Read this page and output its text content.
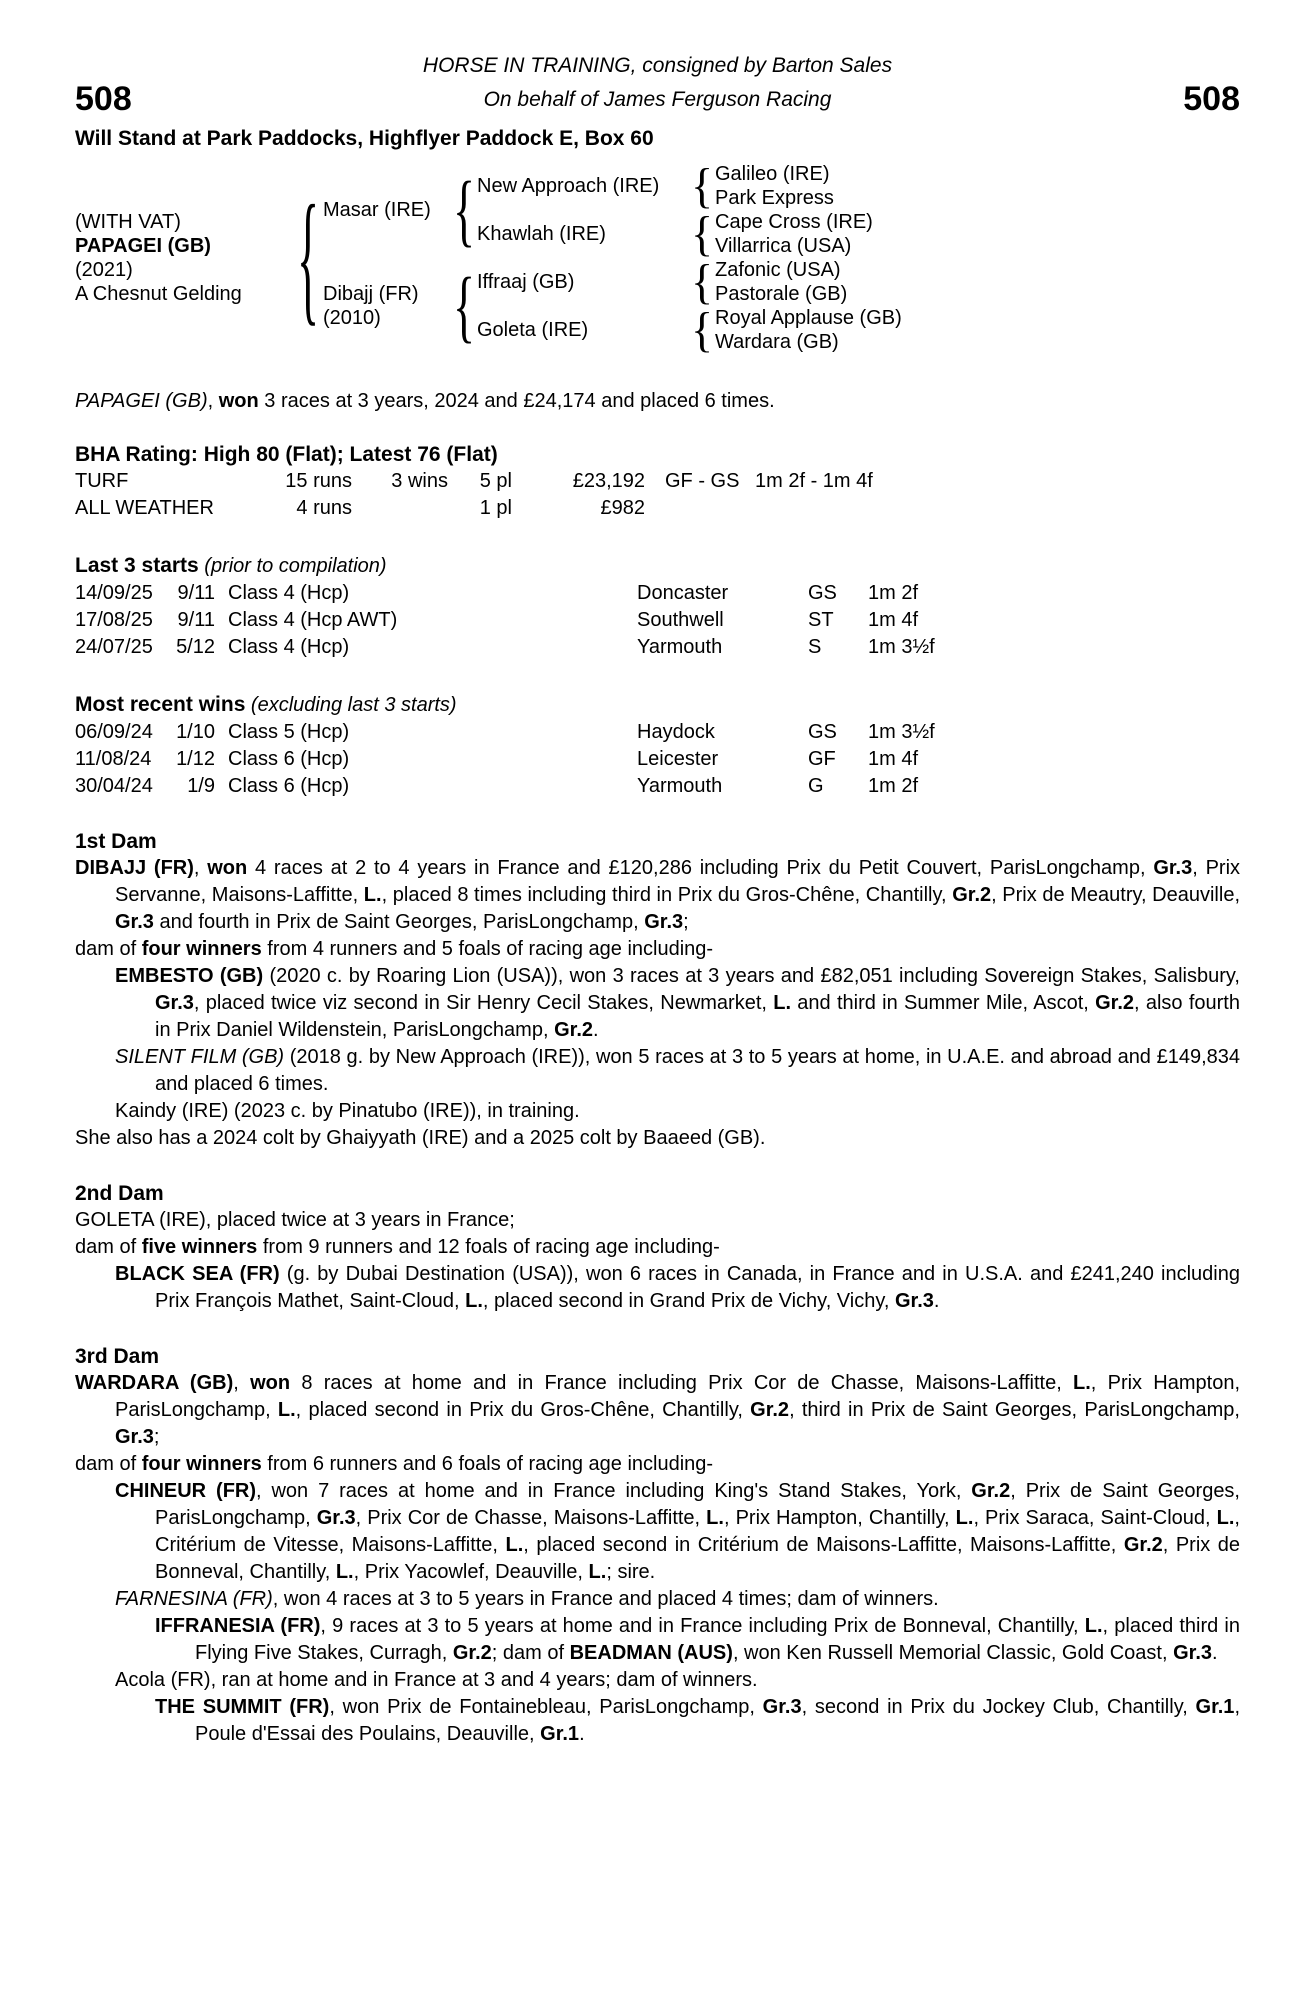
HORSE IN TRAINING, consigned by Barton Sales
508	On behalf of James Ferguson Racing	508
Will Stand at Park Paddocks, Highflyer Paddock E, Box 60
(WITH VAT)
PAPAGEI (GB)
(2021)
A Chesnut Gelding
{
Masar (IRE)
{
New Approach (IRE)
{
Galileo (IRE)
Park Express
Khawlah (IRE)
{
Cape Cross (IRE)
Villarrica (USA)
Dibajj (FR)
(2010)
{
Iffraaj (GB)
{
Zafonic (USA)
Pastorale (GB)
Goleta (IRE)
{
Royal Applause (GB)
Wardara (GB)

PAPAGEI (GB), won 3 races at 3 years, 2024 and £24,174 and placed 6 times.

BHA Rating: High 80 (Flat); Latest 76 (Flat)
TURF	15 runs	3 wins	5 pl	£23,192	GF - GS 1m 2f - 1m 4f
ALL WEATHER	4 runs	1 pl	£982
Last 3 starts (prior to compilation)
14/09/25	9/11 Class 4 (Hcp)	Doncaster	GS	1m 2f
17/08/25	9/11 Class 4 (Hcp AWT)	Southwell	ST	1m 4f
24/07/25	5/12 Class 4 (Hcp)	Yarmouth	S	1m 3½f
Most recent wins (excluding last 3 starts)
06/09/24	1/10 Class 5 (Hcp)	Haydock	GS	1m 3½f
11/08/24	1/12 Class 6 (Hcp)	Leicester	GF	1m 4f
30/04/24	1/9 Class 6 (Hcp)	Yarmouth	G	1m 2f
1st Dam

DIBAJJ (FR), won 4 races at 2 to 4 years in France and £120,286 including Prix du Petit Couvert, ParisLongchamp, Gr.3, Prix Servanne, Maisons-Laffitte, L., placed 8 times including third in Prix du Gros-Chêne, Chantilly, Gr.2, Prix de Meautry, Deauville, Gr.3 and fourth in Prix de Saint Georges, ParisLongchamp, Gr.3;

dam of four winners from 4 runners and 5 foals of racing age including-

EMBESTO (GB) (2020 c. by Roaring Lion (USA)), won 3 races at 3 years and £82,051 including Sovereign Stakes, Salisbury, Gr.3, placed twice viz second in Sir Henry Cecil Stakes, Newmarket, L. and third in Summer Mile, Ascot, Gr.2, also fourth in Prix Daniel Wildenstein, ParisLongchamp, Gr.2.

SILENT FILM (GB) (2018 g. by New Approach (IRE)), won 5 races at 3 to 5 years at home, in U.A.E. and abroad and £149,834 and placed 6 times.

Kaindy (IRE) (2023 c. by Pinatubo (IRE)), in training.

She also has a 2024 colt by Ghaiyyath (IRE) and a 2025 colt by Baaeed (GB).

2nd Dam

GOLETA (IRE), placed twice at 3 years in France;

dam of five winners from 9 runners and 12 foals of racing age including-

BLACK SEA (FR) (g. by Dubai Destination (USA)), won 6 races in Canada, in France and in U.S.A. and £241,240 including Prix François Mathet, Saint-Cloud, L., placed second in Grand Prix de Vichy, Vichy, Gr.3.

3rd Dam

WARDARA (GB), won 8 races at home and in France including Prix Cor de Chasse, Maisons-Laffitte, L., Prix Hampton, ParisLongchamp, L., placed second in Prix du Gros-Chêne, Chantilly, Gr.2, third in Prix de Saint Georges, ParisLongchamp, Gr.3;

dam of four winners from 6 runners and 6 foals of racing age including-

CHINEUR (FR), won 7 races at home and in France including King's Stand Stakes, York, Gr.2, Prix de Saint Georges, ParisLongchamp, Gr.3, Prix Cor de Chasse, Maisons-Laffitte, L., Prix Hampton, Chantilly, L., Prix Saraca, Saint-Cloud, L., Critérium de Vitesse, Maisons-Laffitte, L., placed second in Critérium de Maisons-Laffitte, Maisons-Laffitte, Gr.2, Prix de Bonneval, Chantilly, L., Prix Yacowlef, Deauville, L.; sire.

FARNESINA (FR), won 4 races at 3 to 5 years in France and placed 4 times; dam of winners.

IFFRANESIA (FR), 9 races at 3 to 5 years at home and in France including Prix de Bonneval, Chantilly, L., placed third in Flying Five Stakes, Curragh, Gr.2; dam of BEADMAN (AUS), won Ken Russell Memorial Classic, Gold Coast, Gr.3.

Acola (FR), ran at home and in France at 3 and 4 years; dam of winners.

THE SUMMIT (FR), won Prix de Fontainebleau, ParisLongchamp, Gr.3, second in Prix du Jockey Club, Chantilly, Gr.1, Poule d'Essai des Poulains, Deauville, Gr.1.
